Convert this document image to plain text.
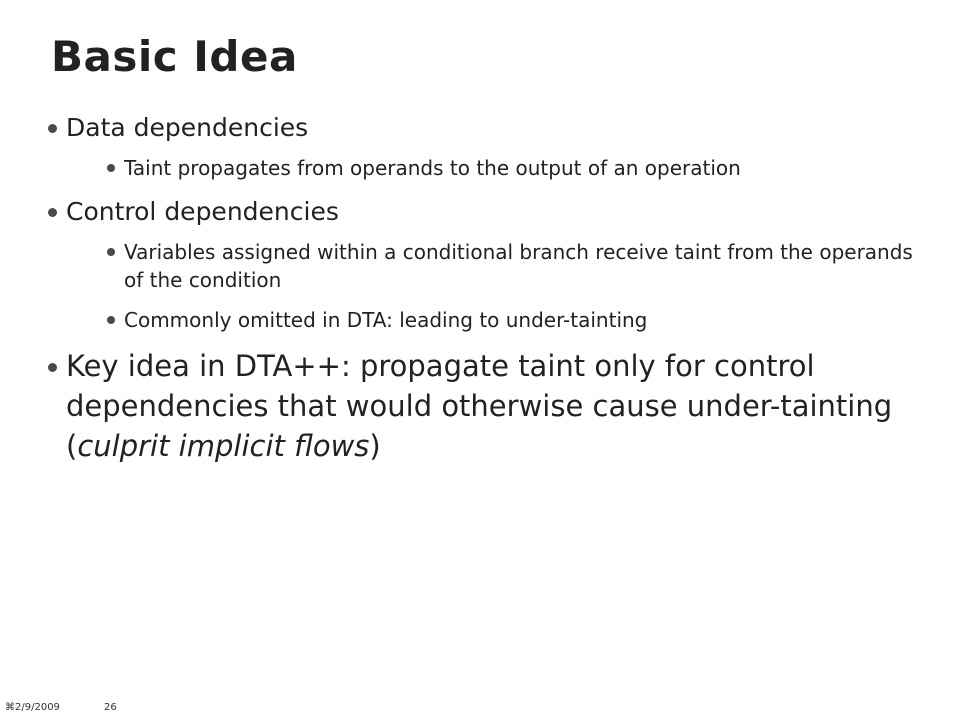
Basic Idea
Data dependencies
Taint propagates from operands to the output of an operation
Control dependencies
Variables assigned within a conditional branch receive taint from the operands of the condition
Commonly omitted in DTA: leading to under-tainting
Key idea in DTA++: propagate taint only for control dependencies that would otherwise cause under-tainting (culprit implicit flows)
⌘2/9/2009	26
